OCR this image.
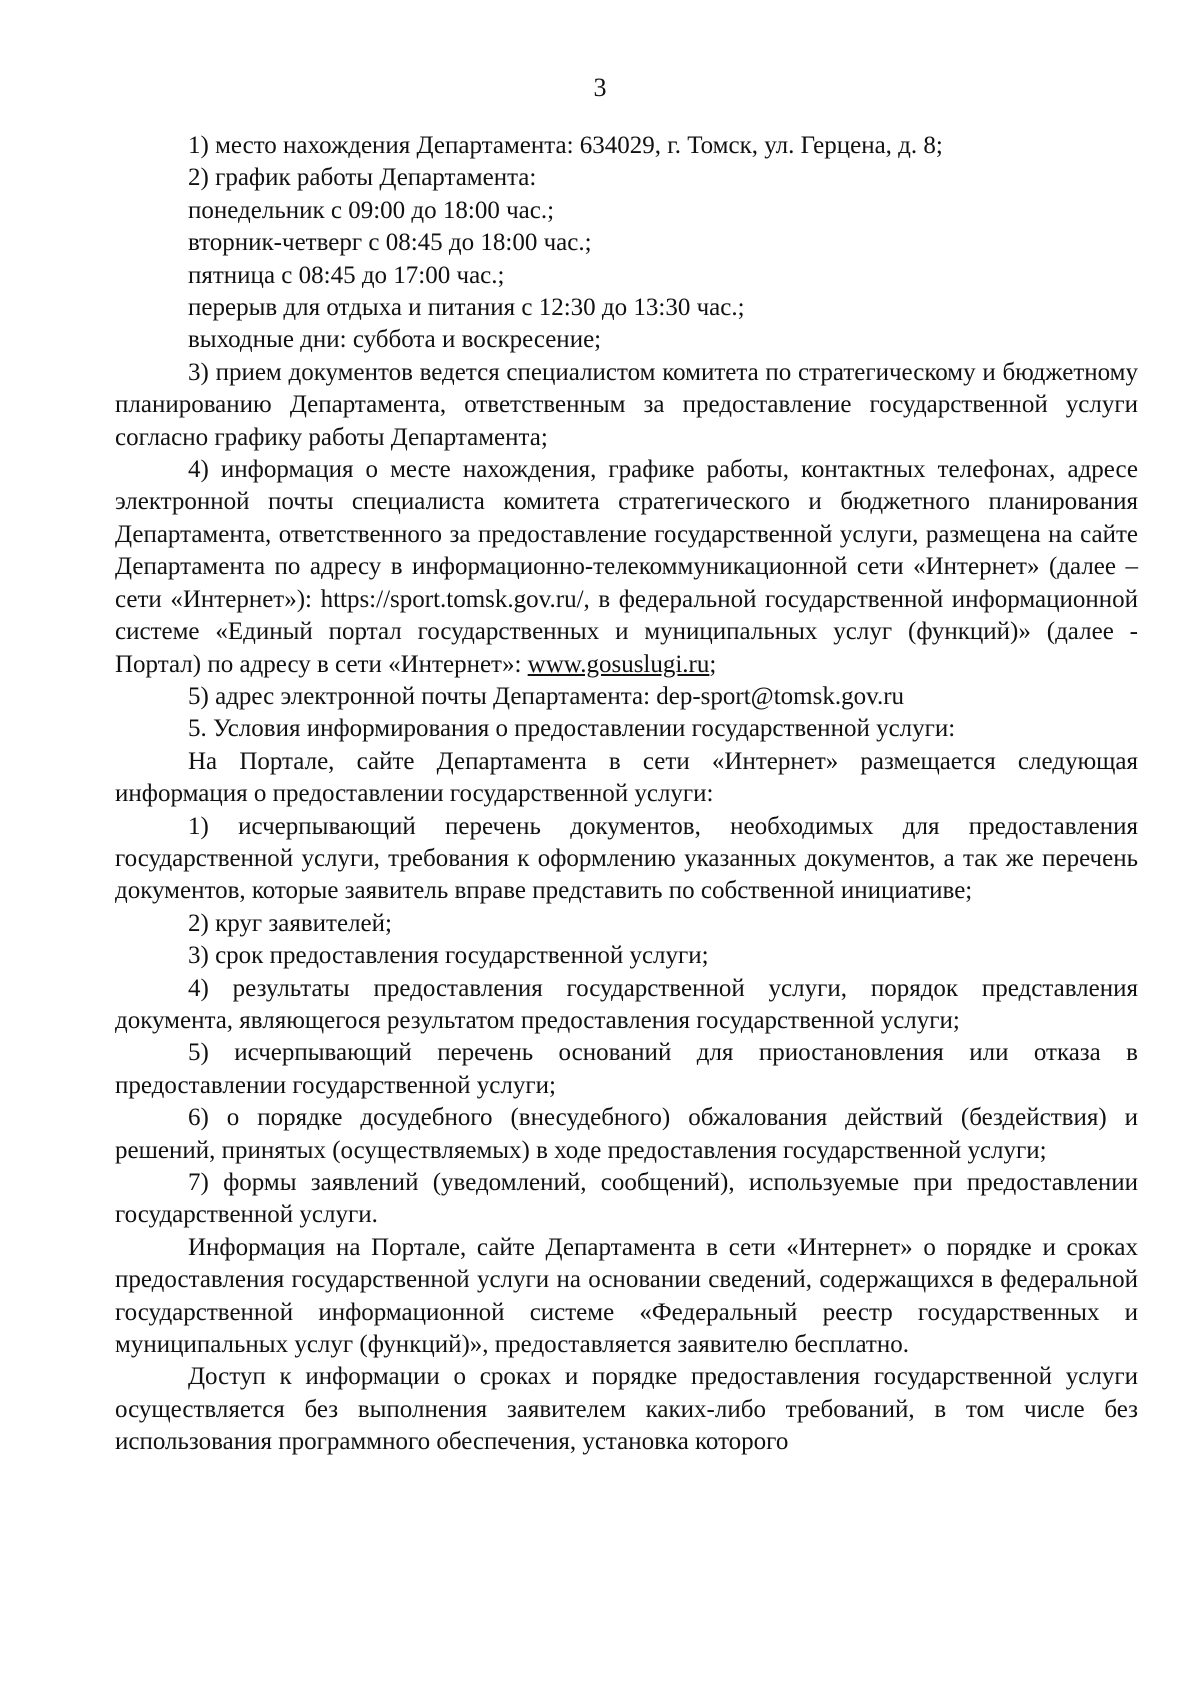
3

1) место нахождения Департамента: 634029, г. Томск, ул. Герцена, д. 8;

2) график работы Департамента:

понедельник с 09:00 до 18:00 час.;

вторник-четверг с 08:45 до 18:00 час.;

пятница с 08:45 до 17:00 час.;

перерыв для отдыха и питания с 12:30 до 13:30 час.;

выходные дни: суббота и воскресение;

3) прием документов ведется специалистом комитета по стратегическому и бюджетному планированию Департамента, ответственным за предоставление государственной услуги согласно графику работы Департамента;

4) информация о месте нахождения, графике работы, контактных телефонах, адресе электронной почты специалиста комитета стратегического и бюджетного планирования Департамента, ответственного за предоставление государственной услуги, размещена на сайте Департамента по адресу в информационно-телекоммуникационной сети «Интернет» (далее – сети «Интернет»): https://sport.tomsk.gov.ru/, в федеральной государственной информационной системе «Единый портал государственных и муниципальных услуг (функций)» (далее - Портал) по адресу в сети «Интернет»: www.gosuslugi.ru;

5) адрес электронной почты Департамента: dep-sport@tomsk.gov.ru

5. Условия информирования о предоставлении государственной услуги:

На Портале, сайте Департамента в сети «Интернет» размещается следующая информация о предоставлении государственной услуги:

1) исчерпывающий перечень документов, необходимых для предоставления государственной услуги, требования к оформлению указанных документов, а так же перечень документов, которые заявитель вправе представить по собственной инициативе;

2) круг заявителей;

3) срок предоставления государственной услуги;

4) результаты предоставления государственной услуги, порядок представления документа, являющегося результатом предоставления государственной услуги;

5) исчерпывающий перечень оснований для приостановления или отказа в предоставлении государственной услуги;

6) о порядке досудебного (внесудебного) обжалования действий (бездействия) и решений, принятых (осуществляемых) в ходе предоставления государственной услуги;

7) формы заявлений (уведомлений, сообщений), используемые при предоставлении государственной услуги.

Информация на Портале, сайте Департамента в сети «Интернет» о порядке и сроках предоставления государственной услуги на основании сведений, содержащихся в федеральной государственной информационной системе «Федеральный реестр государственных и муниципальных услуг (функций)», предоставляется заявителю бесплатно.

Доступ к информации о сроках и порядке предоставления государственной услуги осуществляется без выполнения заявителем каких-либо требований, в том числе без использования программного обеспечения, установка которого
